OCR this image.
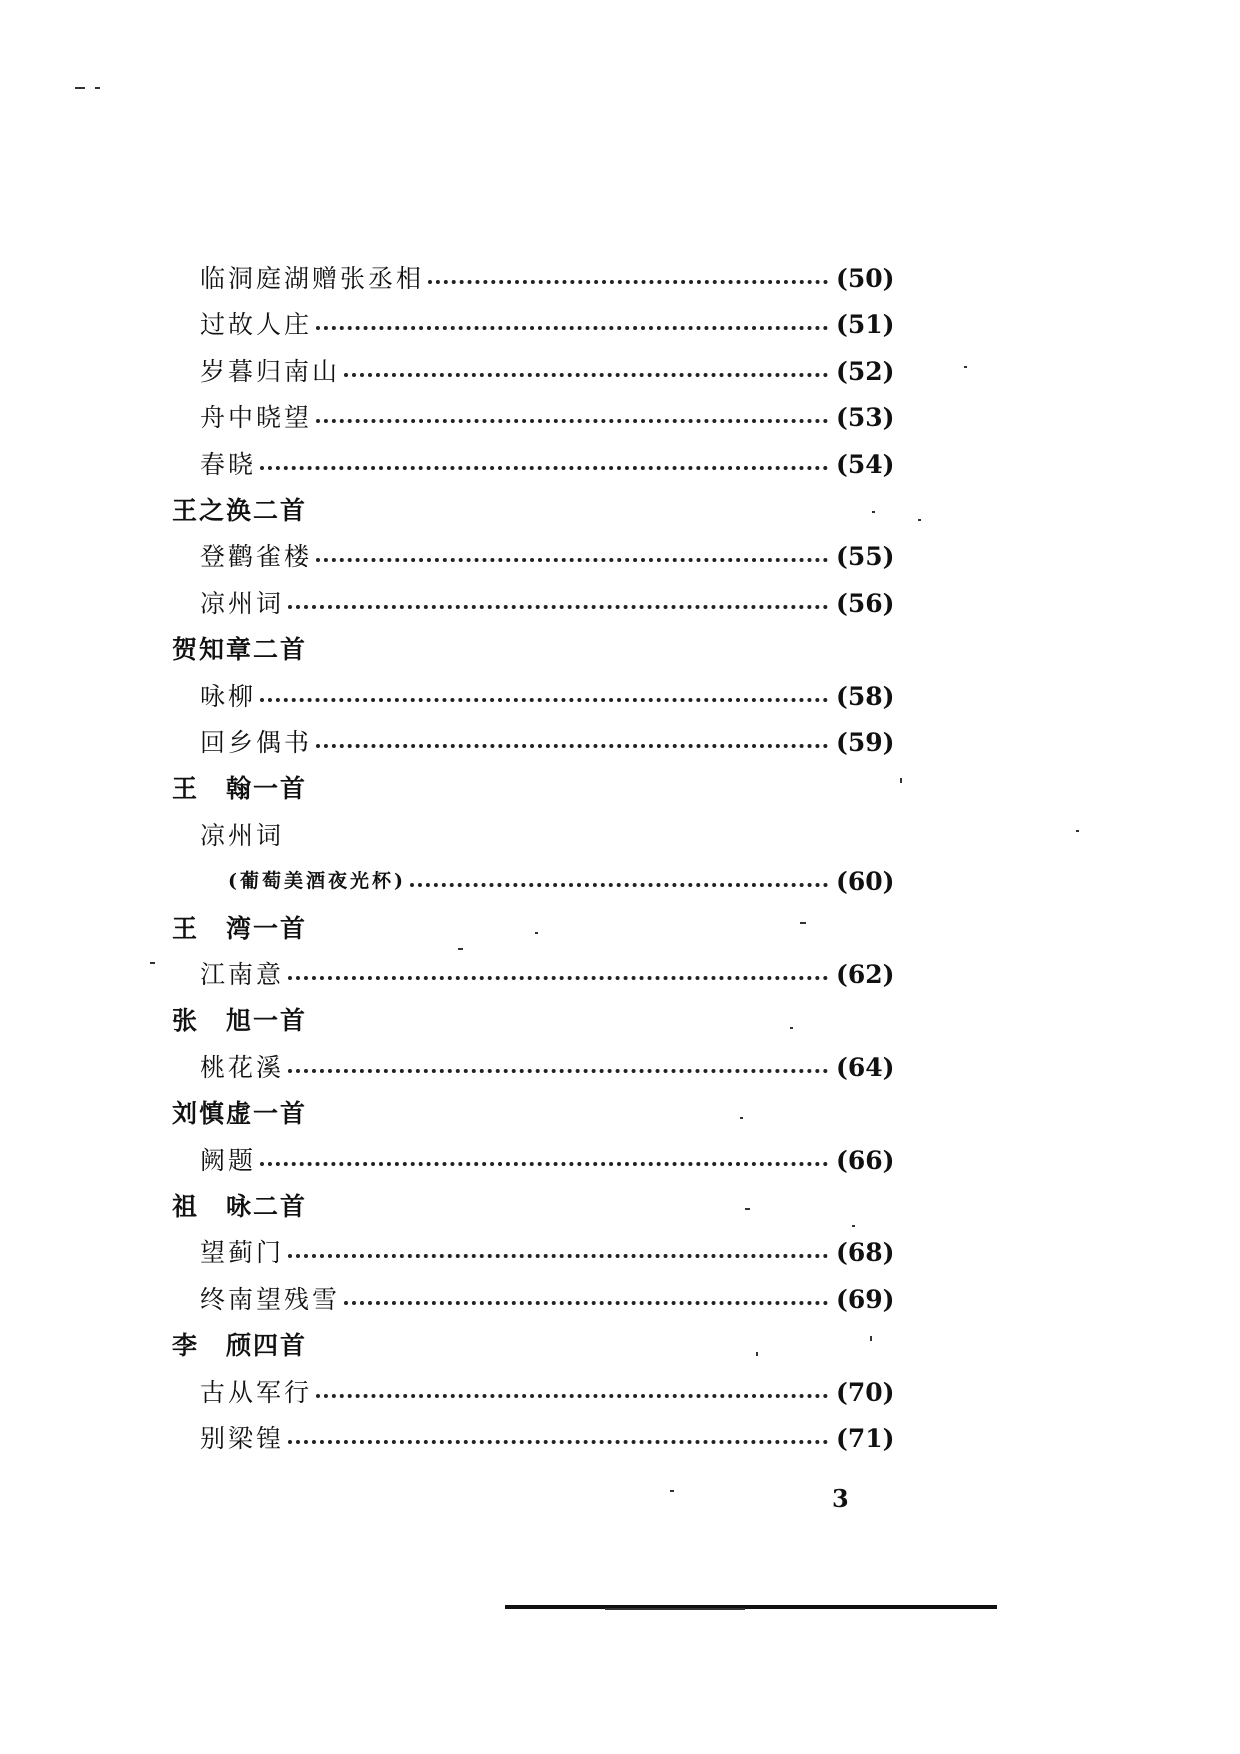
临洞庭湖赠张丞相	(50)
过故人庄	(51)
岁暮归南山	(52)
舟中晓望	(53)
春晓	(54)
王之涣二首
登鹳雀楼	(55)
凉州词	(56)
贺知章二首
咏柳	(58)
回乡偶书	(59)
王　翰一首
凉州词
(葡萄美酒夜光杯)	(60)
王　湾一首
江南意	(62)
张　旭一首
桃花溪	(64)
刘慎虚一首
阙题	(66)
祖　咏二首
望蓟门	(68)
终南望残雪	(69)
李　颀四首
古从军行	(70)
别梁锽	(71)
3
